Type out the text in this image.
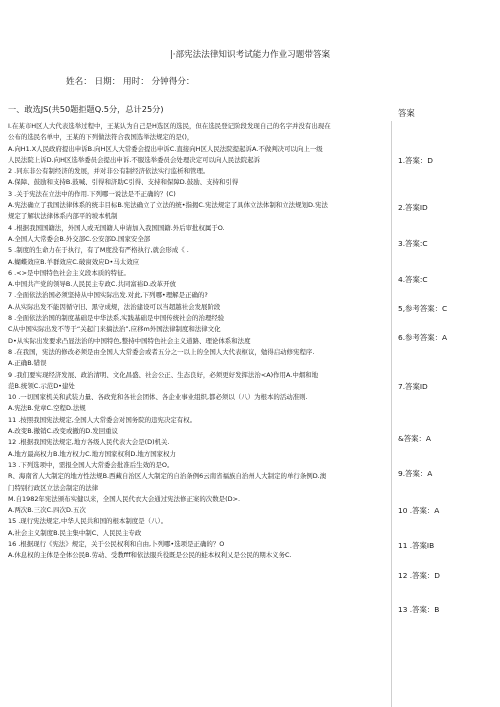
|·部宪法法律知识考试能力作业习题带答案
姓名： 日期： 用时： 分钟得分：
一、敢选JS(共50题拒题Q.5分，总计25分)	答案
I.在某市H区人大代表选举过程中，王某认为自己是H选区的选民，但在选民登记阶段发现自己的名字并没有出现在
公布的选民名单中，王某的下列做法符合我国选举法规定的是()，
A.向H1.X人民政府提出申诉B.向H区人大常委会提出申诉C.直接向H区人民法院提起诉A.不做判决可以向上一级
人民法院上诉D.向H区选举委员会提出申诉.不服选举委员会处理决定可以向人民法院起诉
2 .同东非公有制经济的发展，并对非公有制经济依法实行监析和管理。
A.保障、鼓励和支持B.鼓喊、引得和济助C引得、支持和保障D.鼓励、支持和引得
3 .关于宪法在立法中的作用.下列哪一说法是不正确的？(C)
A.宪法确立了我国法律体系的统丰目标B.宪法确立了立法的统•指揭C.宪法规定了具体立法体制和立法规划D.宪法
规定了解状法律体系内部平的坡本机制
4 .根据我国国籍法，外国人或无国籍人申请加入我国国籍.外后审批权属于O.
A.全国人大常委会B.外交部C.公安部D.国家安全部
5 .制度的生命力在于执行，有了M度没有严格执行,就会形成《 .
A.蝴蝶效应B.羊群效应C.破窗效应D•马太效应
6 .<>是中国特色社会主义段本质的特征。
A.中国共产党的领导B.人民民主专政C.共同富裕D.改革开放
7 .全面依法治国必须坚持从中国实际出发.对此,下列哪•理解是正确的?
A.从实际出发不能因循守旧、黑守成规，法治建设可以当超越社会发展阶段
8 .全面依法治国的制度基础是中华法系,实践基础是中国传统社会的治理经验
C从中国实际出发不等于“关起门来搞法治”,应移m外国法律制度和法律文化
D•从实际出发要求凸显法治的中国特色,整持中国特色社会主义道路、理论体系和法度
8 .在我国，宪法的修改必须是由全国人大常委会或者五分之一以上的全国人大代表枢议，勉得启动修宪程序.
A.正确B.错误
9 .我们要实现经济发展、政治清明、文化昌盛、社会公正、生态良好，必须更好发挥法治<A)作用A.中烟和地
范B.统领C.示范D•建处
10 .一切国家机关和武装力量、各政党和各社会团体、各企业事业组织,都必须以（八）为根本的活动准则.
A.宪法B.党章C.空程D.法规
11 .按照我国宪法规定,全国人大常委会对国务院的违宪决定有权。
A.改变B.撤销C.改变或撤的D.发回重议
12 .根据我国宪法规定,地方各级人民代表大会是(D)机关.
A.地方最高权力B.地方权力C.地方国家权利D.地方国家权力
13 .下列选项中，需报全国人大常委会批准后生效的是O。
R、海南省人大制定的地方性法规B.西藏自治区人大制定的自治条例6云南省福族自治州人大制定的单行条例D.澳
门特别行政区立法会制定的法律
M.自1982年宪法颁布实健以来，全国人民代衣大会通过宪法修正案的次数是(D>.
A.两次B.三次C.四次D.五次
15 .现行宪法规定,中华人民共和国的根本制度是（八）。
A,社会主义制度B.民主集中制C、人民民主专政
16 .根据现行《宪法》规定，关于公民权利和自由,卜列哪•选项是正确的？O
A.休息权的主体是全体公民B.劳动、受教fff和依法服兵役既是公民的蛙本权利乂是公民的期木义务C.
1.答案：D
2.答案ID
3.答案:C
4.答案:C
5,参考答案：C
6.参考答案：A
7.答案ID
&答案：A
9.答案：A
10 .答案：A
11 .答案IB
12 .答案：D
13 .答案：B
